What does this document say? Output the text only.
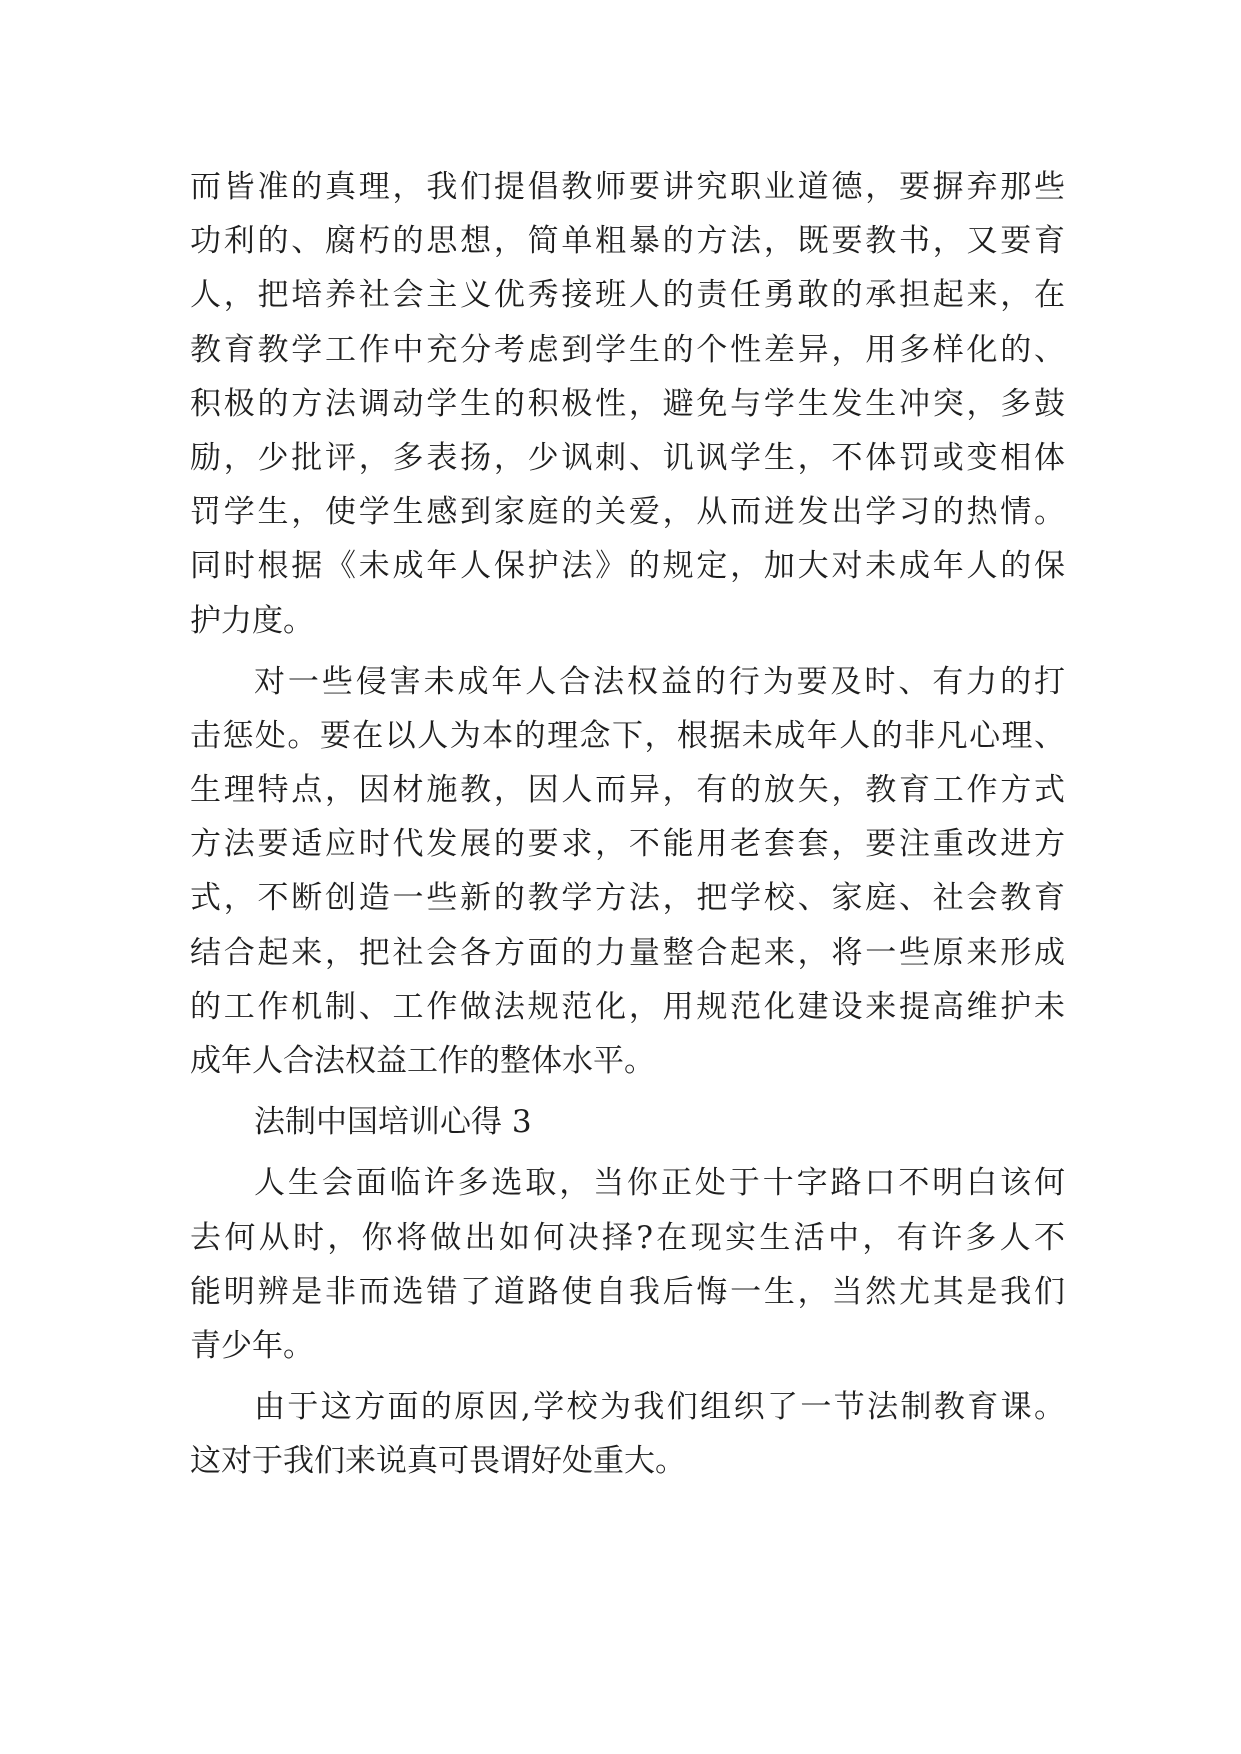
而皆准的真理，我们提倡教师要讲究职业道德，要摒弃那些
功利的、腐朽的思想，简单粗暴的方法，既要教书，又要育
人，把培养社会主义优秀接班人的责任勇敢的承担起来，在
教育教学工作中充分考虑到学生的个性差异，用多样化的、
积极的方法调动学生的积极性，避免与学生发生冲突，多鼓
励，少批评，多表扬，少讽刺、讥讽学生，不体罚或变相体
罚学生，使学生感到家庭的关爱，从而迸发出学习的热情。
同时根据《未成年人保护法》的规定，加大对未成年人的保
护力度。
对一些侵害未成年人合法权益的行为要及时、有力的打
击惩处。要在以人为本的理念下，根据未成年人的非凡心理、
生理特点，因材施教，因人而异，有的放矢，教育工作方式
方法要适应时代发展的要求，不能用老套套，要注重改进方
式，不断创造一些新的教学方法，把学校、家庭、社会教育
结合起来，把社会各方面的力量整合起来，将一些原来形成
的工作机制、工作做法规范化，用规范化建设来提高维护未
成年人合法权益工作的整体水平。
法制中国培训心得 3
人生会面临许多选取，当你正处于十字路口不明白该何
去何从时，你将做出如何决择?在现实生活中，有许多人不
能明辨是非而选错了道路使自我后悔一生，当然尤其是我们
青少年。
由于这方面的原因,学校为我们组织了一节法制教育课。
这对于我们来说真可畏谓好处重大。
